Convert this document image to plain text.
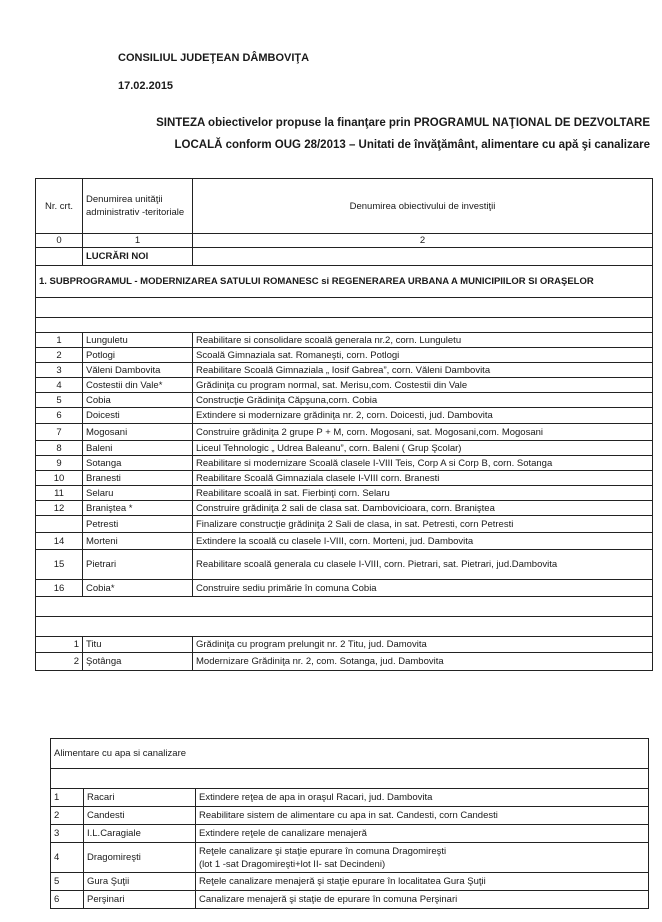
CONSILIUL JUDEŢEAN DÂMBOVIŢA
17.02.2015
SINTEZA obiectivelor propuse la finanţare prin PROGRAMUL NAŢIONAL DE DEZVOLTARE
LOCALĂ conform OUG 28/2013 – Unitati de învăţământ, alimentare cu apă şi canalizare
Nr. crt.	Denumirea unităţii administrativ -teritoriale	Denumirea obiectivului de investiţii
0	1	2
	LUCRĂRI NOI	
1. SUBPROGRAMUL - MODERNIZAREA SATULUI ROMANESC si REGENERAREA URBANA A MUNICIPIILOR SI ORAŞELOR		

1	Lunguletu	Reabilitare si consolidare scoală generala nr.2, corn. Lunguletu

2	Potlogi	Scoală Gimnaziala sat. Romaneşti, corn. Potlogi

3	Văleni Dambovita	Reabilitare Scoală Gimnaziala „ Iosif Gabrea”, corn. Văleni Dambovita

4	Costestii din Vale*	Grădiniţa cu program normal, sat. Merisu,com. Costestii din Vale

5	Cobia	Construcţie Grădiniţa Căpşuna,corn. Cobia

6	Doicesti	Extindere si modernizare grădiniţa nr. 2, corn. Doicesti, jud. Dambovita

7	Mogosani	Construire grădiniţa 2 grupe P + M, corn. Mogosani, sat. Mogosani,com. Mogosani

8	Baleni	Liceul Tehnologic „ Udrea Baleanu”, corn. Baleni ( Grup Şcolar)

9	Sotanga	Reabilitare si modernizare Scoală clasele I-VIII Teis, Corp A si Corp B, corn. Sotanga

10	Branesti	Reabilitare Scoală Gimnaziala clasele I-VIII corn. Branesti

11	Selaru	Reabilitare scoală in sat. Fierbinţi corn. Selaru

12	Braniştea *	Construire grădiniţa 2 sali de clasa sat. Dambovicioara, corn. Braniştea

	Petresti	Finalizare construcţie grădiniţa 2 Sali de clasa, in sat. Petresti, corn Petresti

14	Morteni	Extindere la scoală cu clasele I-VIII, corn. Morteni, jud. Dambovita

15	Pietrari	Reabilitare scoală generala cu clasele I-VIII, corn. Pietrari, sat. Pietrari, jud.Dambovita

16	Cobia*	Construire sediu primărie în comuna Cobia

1	Titu	Grădiniţa cu program prelungit nr. 2 Titu, jud. Damovita

2	Şotânga	Modernizare Grădiniţa nr. 2, com. Sotanga, jud. Dambovita
Alimentare cu apa si canalizare		

1	Racari	Extindere reţea de apa in oraşul Racari, jud. Dambovita

2	Candesti	Reabilitare sistem de alimentare cu apa in sat. Candesti, corn Candesti

3	I.L.Caragiale	Extindere reţele de canalizare menajeră

4	Dragomireşti	Reţele canalizare şi staţie epurare în comuna Dragomireşti
(lot 1 -sat Dragomireşti+lot II- sat Decindeni)

5	Gura Şuţii	Reţele canalizare menajeră şi staţie epurare în localitatea Gura Şuţii

6	Perşinari	Canalizare menajeră şi staţie de epurare în comuna Perşinari
